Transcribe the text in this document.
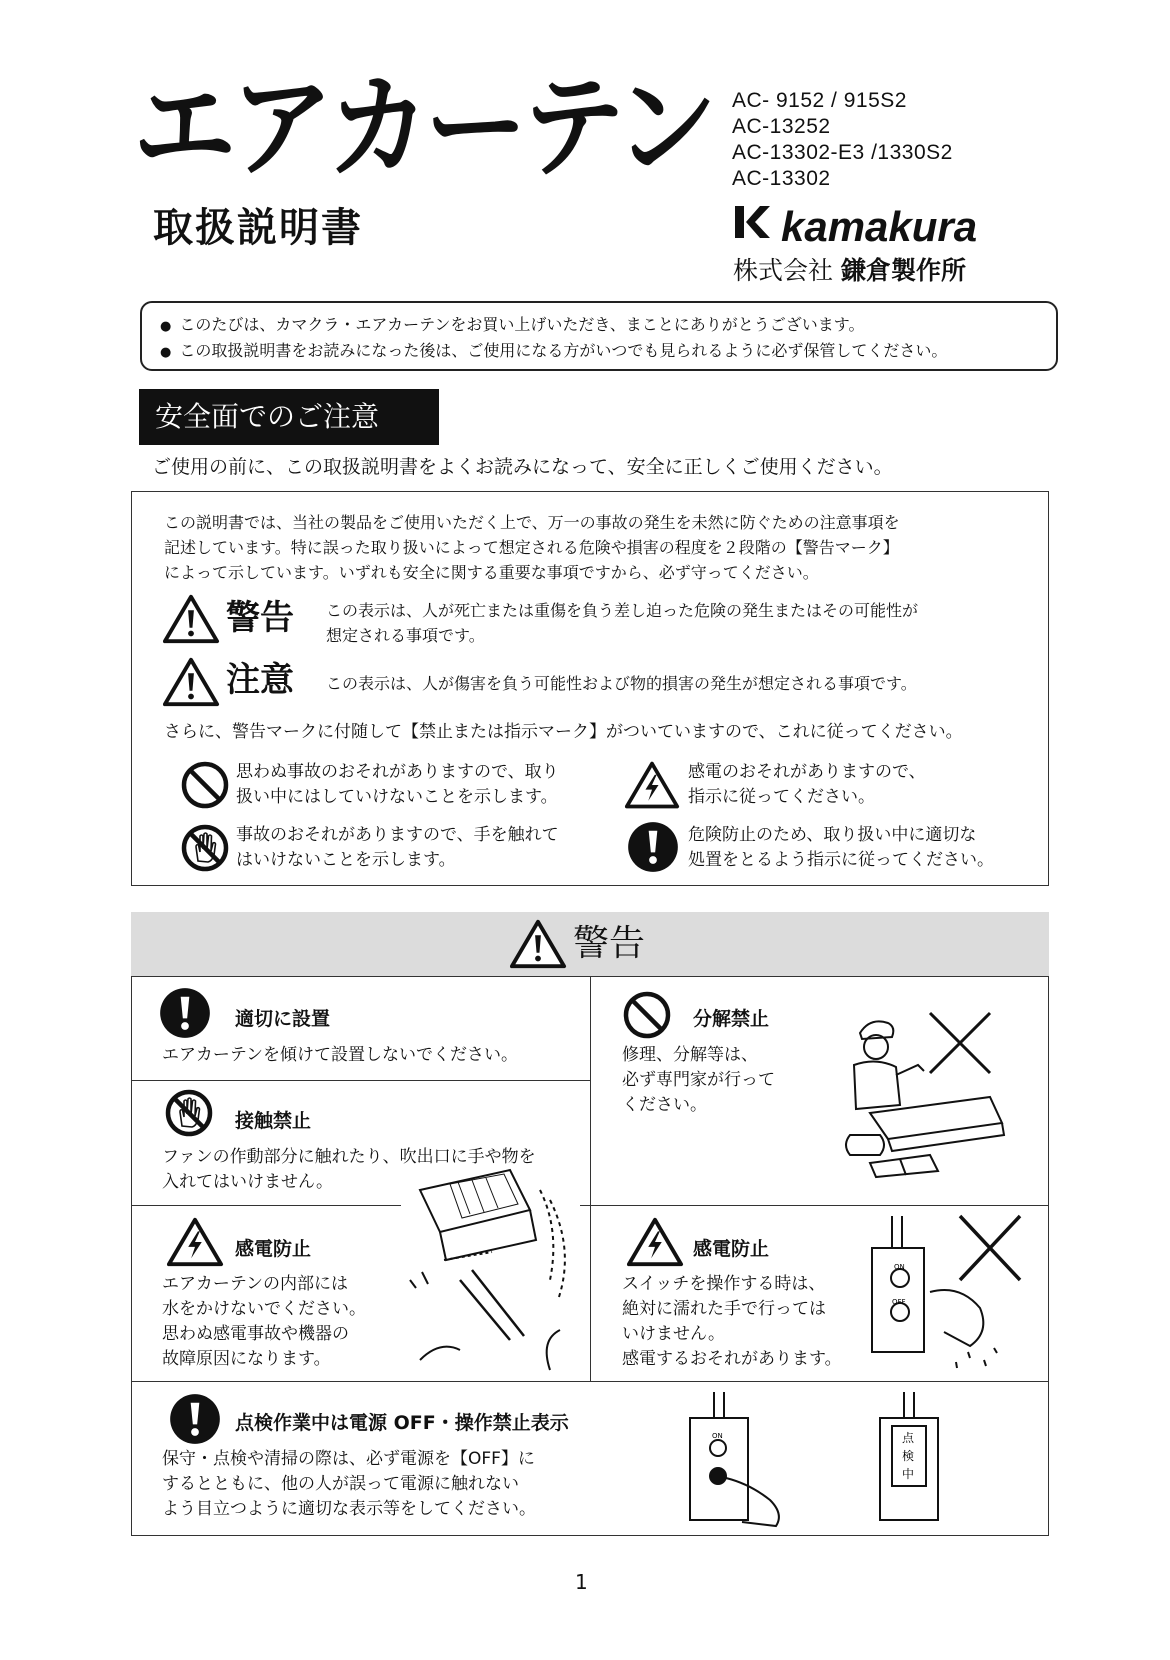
エアカーテン
取扱説明書
AC- 9152 / 915S2
AC-13252
AC-13302-E3 /1330S2
AC-13302
kamakura
株式会社 鎌倉製作所
● このたびは、カマクラ・エアカーテンをお買い上げいただき、まことにありがとうございます。
● この取扱説明書をお読みになった後は、ご使用になる方がいつでも見られるように必ず保管してください。
安全面でのご注意
ご使用の前に、この取扱説明書をよくお読みになって、安全に正しくご使用ください。
この説明書では、当社の製品をご使用いただく上で、万一の事故の発生を未然に防ぐための注意事項を
記述しています。特に誤った取り扱いによって想定される危険や損害の程度を２段階の【警告マーク】
によって示しています。いずれも安全に関する重要な事項ですから、必ず守ってください。
警告 この表示は、人が死亡または重傷を負う差し迫った危険の発生またはその可能性が
想定される事項です。
注意 この表示は、人が傷害を負う可能性および物的損害の発生が想定される事項です。
さらに、警告マークに付随して【禁止または指示マーク】がついていますので、これに従ってください。
思わぬ事故のおそれがありますので、取り
扱い中にはしていけないことを示します。
感電のおそれがありますので、
指示に従ってください。
事故のおそれがありますので、手を触れて
はいけないことを示します。
危険防止のため、取り扱い中に適切な
処置をとるよう指示に従ってください。
警告
適切に設置
エアカーテンを傾けて設置しないでください。
分解禁止
修理、分解等は、
必ず専門家が行って
ください。
接触禁止
ファンの作動部分に触れたり、吹出口に手や物を
入れてはいけません。
感電防止
エアカーテンの内部には
水をかけないでください。
思わぬ感電事故や機器の
故障原因になります。
感電防止
スイッチを操作する時は、
絶対に濡れた手で行っては
いけません。
感電するおそれがあります。
ON
OFF
点検作業中は電源 OFF・操作禁止表示
保守・点検や清掃の際は、必ず電源を【OFF】に
するとともに、他の人が誤って電源に触れない
よう目立つように適切な表示等をしてください。
ON	点
検
中
1
